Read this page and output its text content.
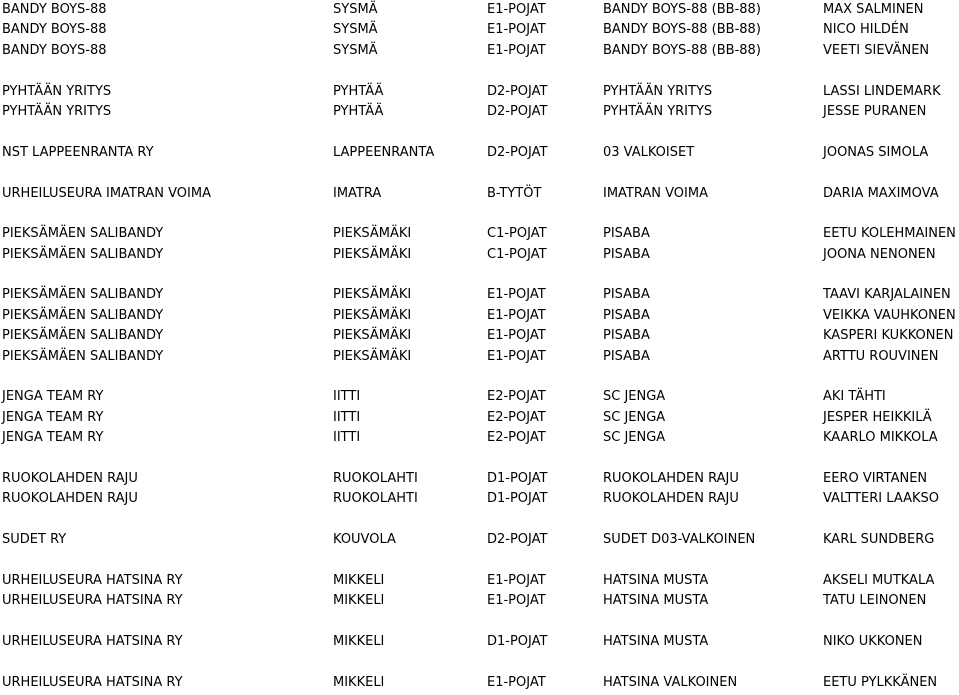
BANDY BOYS-88	SYSMÄ	E1-POJAT	BANDY BOYS-88 (BB-88)	MAX SALMINEN
BANDY BOYS-88	SYSMÄ	E1-POJAT	BANDY BOYS-88 (BB-88)	NICO HILDÉN
BANDY BOYS-88	SYSMÄ	E1-POJAT	BANDY BOYS-88 (BB-88)	VEETI SIEVÄNEN
PYHTÄÄN YRITYS	PYHTÄÄ	D2-POJAT	PYHTÄÄN YRITYS	LASSI LINDEMARK
PYHTÄÄN YRITYS	PYHTÄÄ	D2-POJAT	PYHTÄÄN YRITYS	JESSE PURANEN
NST LAPPEENRANTA RY	LAPPEENRANTA	D2-POJAT	03 VALKOISET	JOONAS SIMOLA
URHEILUSEURA IMATRAN VOIMA	IMATRA	B-TYTÖT	IMATRAN VOIMA	DARIA MAXIMOVA
PIEKSÄMÄEN SALIBANDY	PIEKSÄMÄKI	C1-POJAT	PISABA	EETU KOLEHMAINEN
PIEKSÄMÄEN SALIBANDY	PIEKSÄMÄKI	C1-POJAT	PISABA	JOONA NENONEN
PIEKSÄMÄEN SALIBANDY	PIEKSÄMÄKI	E1-POJAT	PISABA	TAAVI KARJALAINEN
PIEKSÄMÄEN SALIBANDY	PIEKSÄMÄKI	E1-POJAT	PISABA	VEIKKA VAUHKONEN
PIEKSÄMÄEN SALIBANDY	PIEKSÄMÄKI	E1-POJAT	PISABA	KASPERI KUKKONEN
PIEKSÄMÄEN SALIBANDY	PIEKSÄMÄKI	E1-POJAT	PISABA	ARTTU ROUVINEN
JENGA TEAM RY	IITTI	E2-POJAT	SC JENGA	AKI TÄHTI
JENGA TEAM RY	IITTI	E2-POJAT	SC JENGA	JESPER HEIKKILÄ
JENGA TEAM RY	IITTI	E2-POJAT	SC JENGA	KAARLO MIKKOLA
RUOKOLAHDEN RAJU	RUOKOLAHTI	D1-POJAT	RUOKOLAHDEN RAJU	EERO VIRTANEN
RUOKOLAHDEN RAJU	RUOKOLAHTI	D1-POJAT	RUOKOLAHDEN RAJU	VALTTERI LAAKSO
SUDET RY	KOUVOLA	D2-POJAT	SUDET D03-VALKOINEN	KARL SUNDBERG
URHEILUSEURA HATSINA RY	MIKKELI	E1-POJAT	HATSINA MUSTA	AKSELI MUTKALA
URHEILUSEURA HATSINA RY	MIKKELI	E1-POJAT	HATSINA MUSTA	TATU LEINONEN
URHEILUSEURA HATSINA RY	MIKKELI	D1-POJAT	HATSINA MUSTA	NIKO UKKONEN
URHEILUSEURA HATSINA RY	MIKKELI	E1-POJAT	HATSINA VALKOINEN	EETU PYLKKÄNEN
